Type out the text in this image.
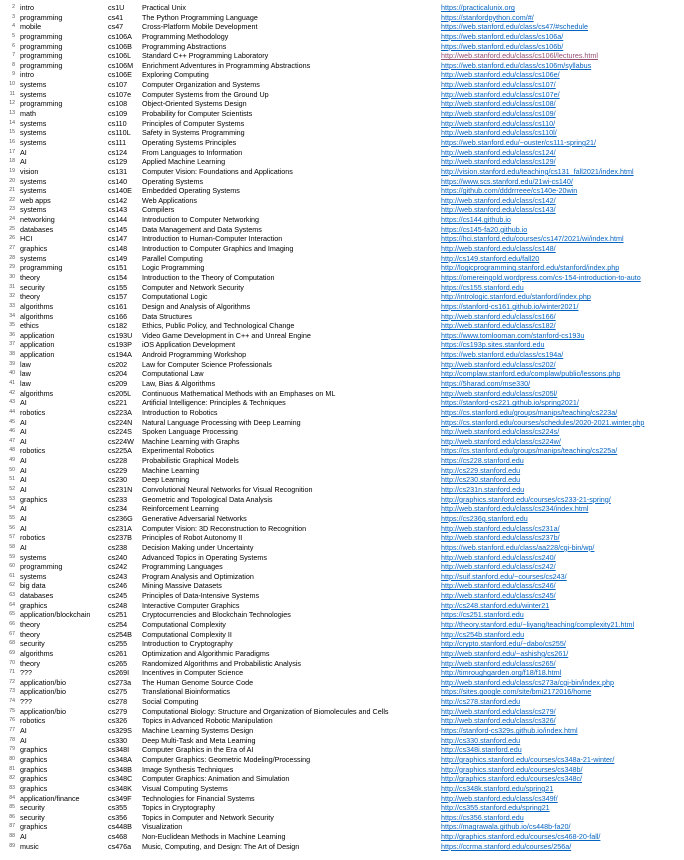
2 intro	cs1U	Practical Unix	https://practicalunix.org
3 programming	cs41	The Python Programming Language	https://stanfordpython.com/#/
4 mobile	cs47	Cross-Platform Mobile Development	https://web.stanford.edu/class/cs47/#schedule
5 programming	cs106A	Programming Methodology	https://web.stanford.edu/class/cs106a/
6 programming	cs106B	Programming Abstractions	https://web.stanford.edu/class/cs106b/
7 programming	cs106L	Standard C++ Programming Laboratory	http://web.stanford.edu/class/cs106l/lectures.html
8 programming	cs106M	Enrichment Adventures in Programming Abstractions	https://web.stanford.edu/class/cs106m/syllabus
9 intro	cs106E	Exploring Computing	http://web.stanford.edu/class/cs106e/
10 systems	cs107	Computer Organization and Systems	http://web.stanford.edu/class/cs107/
11 systems	cs107e	Computer Systems from the Ground Up	http://web.stanford.edu/class/cs107e/
12 programming	cs108	Object-Oriented Systems Design	http://web.stanford.edu/class/cs108/
13 math	cs109	Probability for Computer Scientists	http://web.stanford.edu/class/cs109/
14 systems	cs110	Principles of Computer Systems	http://web.stanford.edu/class/cs110/
15 systems	cs110L	Safety in Systems Programming	http://web.stanford.edu/class/cs110l/
16 systems	cs111	Operating Systems Principles	https://web.stanford.edu/~ouster/cs111-spring21/
17 AI	cs124	From Languages to Information	http://web.stanford.edu/class/cs124/
18 AI	cs129	Applied Machine Learning	http://web.stanford.edu/class/cs129/
19 vision	cs131	Computer Vision: Foundations and Applications	http://vision.stanford.edu/teaching/cs131_fall2021/index.html
20 systems	cs140	Operating Systems	https://www.scs.stanford.edu/21wi-cs140/
21 systems	cs140E	Embedded Operating Systems	https://github.com/dddrrreee/cs140e-20win
22 web apps	cs142	Web Applications	http://web.stanford.edu/class/cs142/
23 systems	cs143	Compilers	http://web.stanford.edu/class/cs143/
24 networking	cs144	Introduction to Computer Networking	https://cs144.github.io
25 databases	cs145	Data Management and Data Systems	https://cs145-fa20.github.io
26 HCI	cs147	Introduction to Human-Computer Interaction	https://hci.stanford.edu/courses/cs147/2021/wi/index.html
27 graphics	cs148	Introduction to Computer Graphics and Imaging	http://web.stanford.edu/class/cs148/
28 systems	cs149	Parallel Computing	http://cs149.stanford.edu/fall20
29 programming	cs151	Logic Programming	http://logicprogramming.stanford.edu/stanford/index.php
30 theory	cs154	Introduction to the Theory of Computation	https://omereingold.wordpress.com/cs-154-introduction-to-auto
31 security	cs155	Computer and Network Security	https://cs155.stanford.edu
32 theory	cs157	Computational Logic	http://intrologic.stanford.edu/stanford/index.php
33 algorithms	cs161	Design and Analysis of Algorithms	https://stanford-cs161.github.io/winter2021/
34 algorithms	cs166	Data Structures	http://web.stanford.edu/class/cs166/
35 ethics	cs182	Ethics, Public Policy, and Technological Change	http://web.stanford.edu/class/cs182/
36 application	cs193U	Video Game Development in C++ and Unreal Engine	https://www.tomlooman.com/stanford-cs193u
37 application	cs193P	iOS Application Development	https://cs193p.sites.stanford.edu
38 application	cs194A	Android Programming Workshop	https://web.stanford.edu/class/cs194a/
39 law	cs202	Law for Computer Science Professionals	http://web.stanford.edu/class/cs202/
40 law	cs204	Computational Law	http://complaw.stanford.edu/complaw/public/lessons.php
41 law	cs209	Law, Bias & Algorithms	https://5harad.com/mse330/
42 algorithms	cs205L	Continuous Mathematical Methods with an Emphases on ML	http://web.stanford.edu/class/cs205l/
43 AI	cs221	Artificial Intelligence: Principles & Techniques	https://stanford-cs221.github.io/spring2021/
44 robotics	cs223A	Introduction to Robotics	https://cs.stanford.edu/groups/manips/teaching/cs223a/
45 AI	cs224N	Natural Language Processing with Deep Learning	https://cs.stanford.edu/courses/schedules/2020-2021.winter.php
46 AI	cs224S	Spoken Language Processing	http://web.stanford.edu/class/cs224s/
47 AI	cs224W	Machine Learning with Graphs	http://web.stanford.edu/class/cs224w/
48 robotics	cs225A	Experimental Robotics	https://cs.stanford.edu/groups/manips/teaching/cs225a/
49 AI	cs228	Probabilistic Graphical Models	https://cs228.stanford.edu
50 AI	cs229	Machine Learning	http://cs229.stanford.edu
51 AI	cs230	Deep Learning	http://cs230.stanford.edu
52 AI	cs231N	Convolutional Neural Networks for Visual Recognition	http://cs231n.stanford.edu
53 graphics	cs233	Geometric and Topological Data Analysis	http://graphics.stanford.edu/courses/cs233-21-spring/
54 AI	cs234	Reinforcement Learning	http://web.stanford.edu/class/cs234/index.html
55 AI	cs236G	Generative Adversarial Networks	https://cs236g.stanford.edu
56 AI	cs231A	Computer Vision: 3D Reconstruction to Recognition	http://web.stanford.edu/class/cs231a/
57 robotics	cs237B	Principles of Robot Autonomy II	http://web.stanford.edu/class/cs237b/
58 AI	cs238	Decision Making under Uncertainty	https://web.stanford.edu/class/aa228/cgi-bin/wp/
59 systems	cs240	Advanced Topics in Operating Systems	http://web.stanford.edu/class/cs240/
60 programming	cs242	Programming Languages	http://web.stanford.edu/class/cs242/
61 systems	cs243	Program Analysis and Optimization	http://suif.stanford.edu/~courses/cs243/
62 big data	cs246	Mining Massive Datasets	http://web.stanford.edu/class/cs246/
63 databases	cs245	Principles of Data-Intensive Systems	http://web.stanford.edu/class/cs245/
64 graphics	cs248	Interactive Computer Graphics	http://cs248.stanford.edu/winter21
65 application/blockchain	cs251	Cryptocurrencies and Blockchain Technologies	https://cs251.stanford.edu
66 theory	cs254	Computational Complexity	http://theory.stanford.edu/~liyang/teaching/complexity21.html
67 theory	cs254B	Computational Complexity II	http://cs254b.stanford.edu
68 security	cs255	Introduction to Cryptography	http://crypto.stanford.edu/~dabo/cs255/
69 algorithms	cs261	Optimization and Algorithmic Paradigms	http://web.stanford.edu/~ashishg/cs261/
70 theory	cs265	Randomized Algorithms and Probabilistic Analysis	http://web.stanford.edu/class/cs265/
71 ???	cs269I	Incentives in Computer Science	http://timroughgarden.org/f18/f18.html
72 application/bio	cs273a	The Human Genome Source Code	http://web.stanford.edu/class/cs273a/cgi-bin/index.php
73 application/bio	cs275	Translational Bioinformatics	https://sites.google.com/site/bmi2172016/home
74 ???	cs278	Social Computing	http://cs278.stanford.edu
75 application/bio	cs279	Computational Biology: Structure and Organization of Biomolecules and Cells	http://web.stanford.edu/class/cs279/
76 robotics	cs326	Topics in Advanced Robotic Manipulation	http://web.stanford.edu/class/cs326/
77 AI	cs329S	Machine Learning Systems Design	https://stanford-cs329s.github.io/index.html
78 AI	cs330	Deep Multi-Task and Meta Learning	http://cs330.stanford.edu
79 graphics	cs348I	Computer Graphics in the Era of AI	http://cs348i.stanford.edu
80 graphics	cs348A	Computer Graphics: Geometric Modeling/Processing	http://graphics.stanford.edu/courses/cs348a-21-winter/
81 graphics	cs348B	Image Synthesis Techniques	http://graphics.stanford.edu/courses/cs348b/
82 graphics	cs348C	Computer Graphics: Animation and Simulation	http://graphics.stanford.edu/courses/cs348c/
83 graphics	cs348K	Visual Computing Systems	http://cs348k.stanford.edu/spring21
84 application/finance	cs349F	Technologies for Financial Systems	http://web.stanford.edu/class/cs349f/
85 security	cs355	Topics in Cryptography	http://cs355.stanford.edu/spring21
86 security	cs356	Topics in Computer and Network Security	https://cs356.stanford.edu
87 graphics	cs448B	Visualization	https://magrawala.github.io/cs448b-fa20/
88 AI	cs468	Non-Euclidean Methods in Machine Learning	http://graphics.stanford.edu/courses/cs468-20-fall/
89 music	cs476a	Music, Computing, and Design: The Art of Design	https://ccrma.stanford.edu/courses/256a/
